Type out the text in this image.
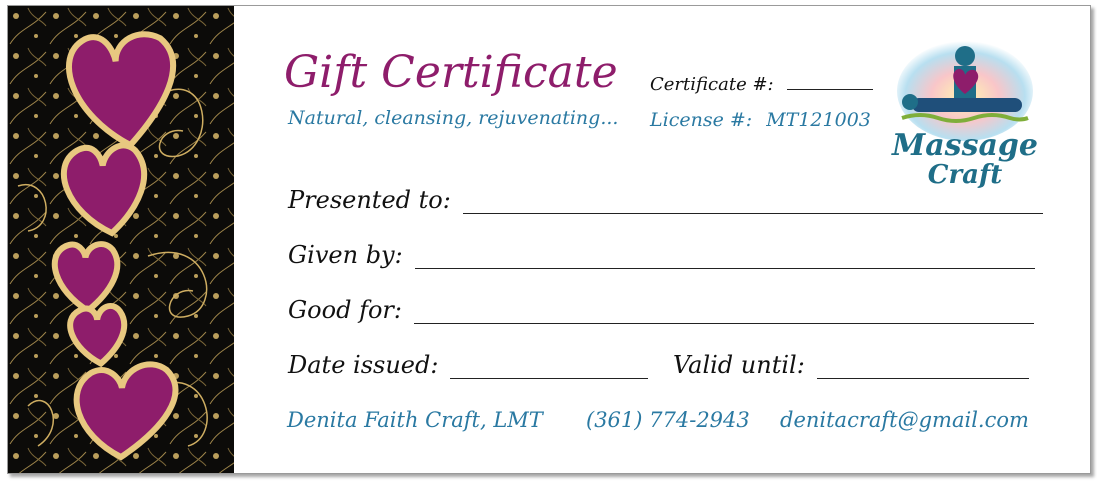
Gift Certificate
Natural, cleansing, rejuvenating...
Certificate #:
License #: MT121003
Massage
Craft
Presented to:
Given by:
Good for:
Date issued:	Valid until:
Denita Faith Craft, LMT (361) 774-2943 denitacraft@gmail.com
